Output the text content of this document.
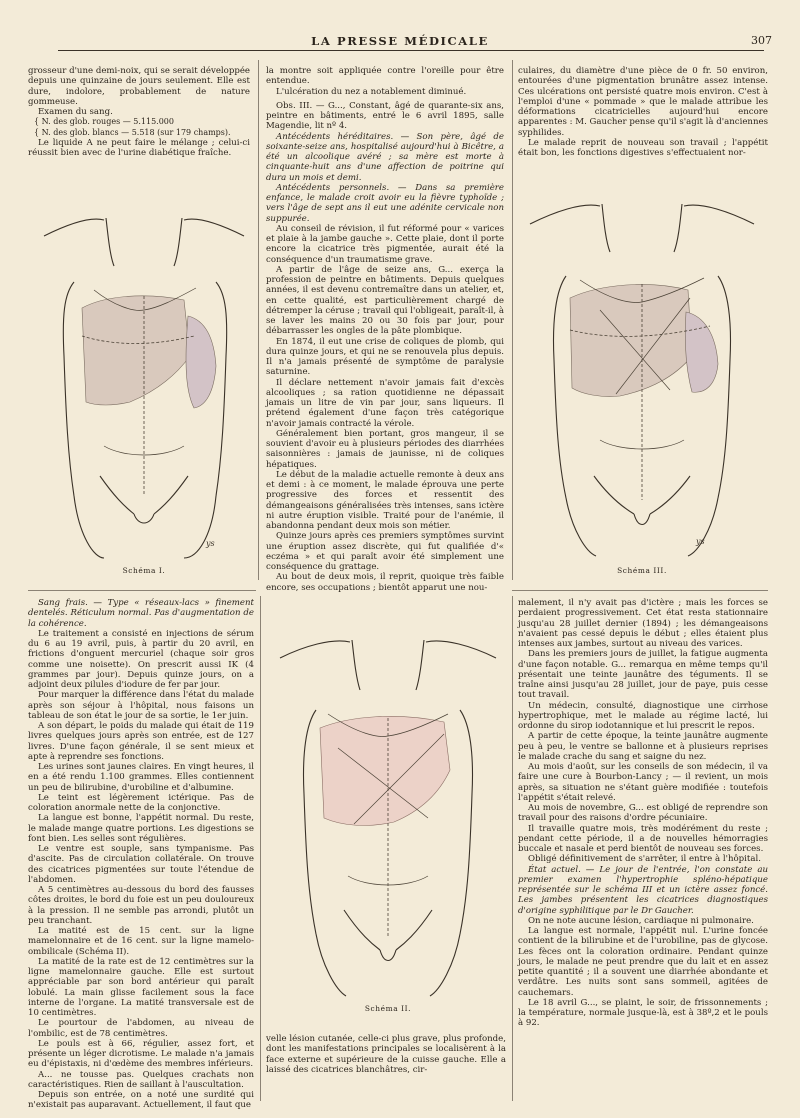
LA PRESSE MÉDICALE	307

grosseur d'une demi-noix, qui se serait développée depuis une quinzaine de jours seulement. Elle est dure, indolore, probablement de nature gommeuse.

Examen du sang.

{ N. des glob. rouges — 5.115.000

{ N. des glob. blancs — 5.518 (sur 179 champs).

Le liquide A ne peut faire le mélange ; celui-ci réussit bien avec de l'urine diabétique fraîche.

ys
Schéma I.

la montre soit appliquée contre l'oreille pour être entendue.

L'ulcération du nez a notablement diminué.

Obs. III. — G..., Constant, âgé de quarante-six ans, peintre en bâtiments, entré le 6 avril 1895, salle Magendie, lit nº 4.

Antécédents héréditaires. — Son père, âgé de soixante-seize ans, hospitalisé aujourd'hui à Bicêtre, a été un alcoolique avéré ; sa mère est morte à cinquante-huit ans d'une affection de poitrine qui dura un mois et demi.

Antécédents personnels. — Dans sa première enfance, le malade croit avoir eu la fièvre typhoïde ; vers l'âge de sept ans il eut une adénite cervicale non suppurée.

Au conseil de révision, il fut réformé pour « varices et plaie à la jambe gauche ». Cette plaie, dont il porte encore la cicatrice très pigmentée, aurait été la conséquence d'un traumatisme grave.

A partir de l'âge de seize ans, G... exerça la profession de peintre en bâtiments. Depuis quelques années, il est devenu contremaître dans un atelier, et, en cette qualité, est particulièrement chargé de détremper la céruse ; travail qui l'obligeait, paraît-il, à se laver les mains 20 ou 30 fois par jour, pour débarrasser les ongles de la pâte plombique.

En 1874, il eut une crise de coliques de plomb, qui dura quinze jours, et qui ne se renouvela plus depuis. Il n'a jamais présenté de symptôme de paralysie saturnine.

Il déclare nettement n'avoir jamais fait d'excès alcooliques ; sa ration quotidienne ne dépassait jamais un litre de vin par jour, sans liqueurs. Il prétend également d'une façon très catégorique n'avoir jamais contracté la vérole.

Généralement bien portant, gros mangeur, il se souvient d'avoir eu à plusieurs périodes des diarrhées saisonnières : jamais de jaunisse, ni de coliques hépatiques.

Le début de la maladie actuelle remonte à deux ans et demi : à ce moment, le malade éprouva une perte progressive des forces et ressentit des démangeaisons généralisées très intenses, sans ictère ni autre éruption visible. Traité pour de l'anémie, il abandonna pendant deux mois son métier.

Quinze jours après ces premiers symptômes survint une éruption assez discrète, qui fut qualifiée d'« eczéma » et qui paraît avoir été simplement une conséquence du grattage.

Au bout de deux mois, il reprit, quoique très faible encore, ses occupations ; bientôt apparut une nou-

culaires, du diamètre d'une pièce de 0 fr. 50 environ, entourées d'une pigmentation brunâtre assez intense. Ces ulcérations ont persisté quatre mois environ. C'est à l'emploi d'une « pommade » que le malade attribue les déformations cicatricielles aujourd'hui encore apparentes : M. Gaucher pense qu'il s'agit là d'anciennes syphilides.

Le malade reprit de nouveau son travail ; l'appétit était bon, les fonctions digestives s'effectuaient nor-

ys
Schéma III.

Sang frais. — Type « réseaux-lacs » finement dentelés. Réticulum normal. Pas d'augmentation de la cohérence.

Le traitement a consisté en injections de sérum du 6 au 19 avril, puis, à partir du 20 avril, en frictions d'onguent mercuriel (chaque soir gros comme une noisette). On prescrit aussi IK (4 grammes par jour). Depuis quinze jours, on a adjoint deux pilules d'iodure de fer par jour.

Pour marquer la différence dans l'état du malade après son séjour à l'hôpital, nous faisons un tableau de son état le jour de sa sortie, le 1er juin.

A son départ, le poids du malade qui était de 119 livres quelques jours après son entrée, est de 127 livres. D'une façon générale, il se sent mieux et apte à reprendre ses fonctions.

Les urines sont jaunes claires. En vingt heures, il en a été rendu 1.100 grammes. Elles contiennent un peu de bilirubine, d'urobiline et d'albumine.

Le teint est légèrement ictérique. Pas de coloration anormale nette de la conjonctive.

La langue est bonne, l'appétit normal. Du reste, le malade mange quatre portions. Les digestions se font bien. Les selles sont régulières.

Le ventre est souple, sans tympanisme. Pas d'ascite. Pas de circulation collatérale. On trouve des cicatrices pigmentées sur toute l'étendue de l'abdomen.

A 5 centimètres au-dessous du bord des fausses côtes droites, le bord du foie est un peu douloureux à la pression. Il ne semble pas arrondi, plutôt un peu tranchant.

La matité est de 15 cent. sur la ligne mamelonnaire et de 16 cent. sur la ligne mamelo-ombilicale (Schéma II).

La matité de la rate est de 12 centimètres sur la ligne mamelonnaire gauche. Elle est surtout appréciable par son bord antérieur qui paraît lobulé. La main glisse facilement sous la face interne de l'organe. La matité transversale est de 10 centimètres.

Le pourtour de l'abdomen, au niveau de l'ombilic, est de 78 centimètres.

Le pouls est à 66, régulier, assez fort, et présente un léger dicrotisme. Le malade n'a jamais eu d'épistaxis, ni d'œdème des membres inférieurs.

A... ne tousse pas. Quelques crachats non caractéristiques. Rien de saillant à l'auscultation.

Depuis son entrée, on a noté une surdité qui n'existait pas auparavant. Actuellement, il faut que

Schéma II.

velle lésion cutanée, celle-ci plus grave, plus profonde, dont les manifestations principales se localisèrent à la face externe et supérieure de la cuisse gauche. Elle a laissé des cicatrices blanchâtres, cir-

malement, il n'y avait pas d'ictère ; mais les forces se perdaient progressivement. Cet état resta stationnaire jusqu'au 28 juillet dernier (1894) ; les démangeaisons n'avaient pas cessé depuis le début ; elles étaient plus intenses aux jambes, surtout au niveau des varices.

Dans les premiers jours de juillet, la fatigue augmenta d'une façon notable. G... remarqua en même temps qu'il présentait une teinte jaunâtre des téguments. Il se traîne ainsi jusqu'au 28 juillet, jour de paye, puis cesse tout travail.

Un médecin, consulté, diagnostique une cirrhose hypertrophique, met le malade au régime lacté, lui ordonne du sirop iodotannique et lui prescrit le repos.

A partir de cette époque, la teinte jaunâtre augmente peu à peu, le ventre se ballonne et à plusieurs reprises le malade crache du sang et saigne du nez.

Au mois d'août, sur les conseils de son médecin, il va faire une cure à Bourbon-Lancy ; — il revient, un mois après, sa situation ne s'étant guère modifiée : toutefois l'appétit s'était relevé.

Au mois de novembre, G... est obligé de reprendre son travail pour des raisons d'ordre pécuniaire.

Il travaille quatre mois, très modérément du reste ; pendant cette période, il a de nouvelles hémorragies buccale et nasale et perd bientôt de nouveau ses forces.

Obligé définitivement de s'arrêter, il entre à l'hôpital.

État actuel. — Le jour de l'entrée, l'on constate au premier examen l'hypertrophie spléno-hépatique représentée sur le schéma III et un ictère assez foncé. Les jambes présentent les cicatrices diagnostiques d'origine syphilitique par le Dr Gaucher.

On ne note aucune lésion, cardiaque ni pulmonaire.

La langue est normale, l'appétit nul. L'urine foncée contient de la bilirubine et de l'urobiline, pas de glycose. Les fèces ont la coloration ordinaire. Pendant quinze jours, le malade ne peut prendre que du lait et en assez petite quantité ; il a souvent une diarrhée abondante et verdâtre. Les nuits sont sans sommeil, agitées de cauchemars.

Le 18 avril G..., se plaint, le soir, de frissonnements ; la température, normale jusque-là, est à 38º,2 et le pouls à 92.
